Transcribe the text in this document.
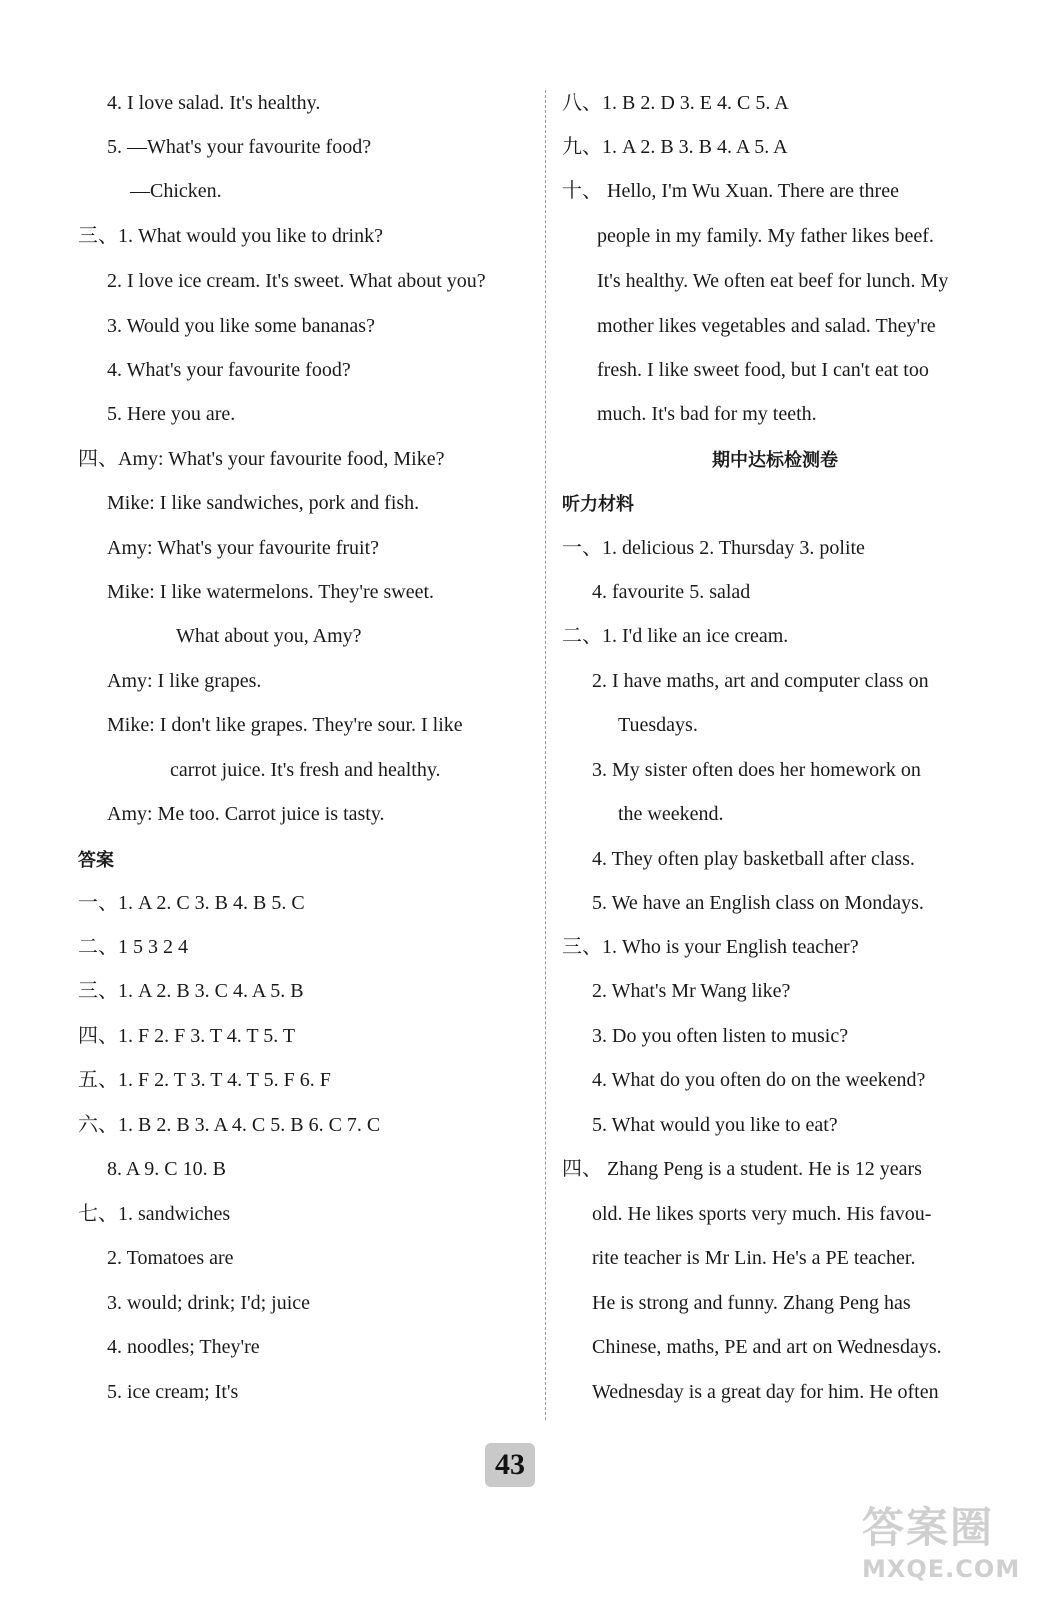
4. I love salad. It's healthy.
5. —What's your favourite food?
—Chicken.
三、1. What would you like to drink?
2. I love ice cream. It's sweet. What about you?
3. Would you like some bananas?
4. What's your favourite food?
5. Here you are.
四、Amy: What's your favourite food, Mike?
Mike: I like sandwiches, pork and fish.
Amy: What's your favourite fruit?
Mike: I like watermelons. They're sweet.
What about you, Amy?
Amy: I like grapes.
Mike: I don't like grapes. They're sour. I like
carrot juice. It's fresh and healthy.
Amy: Me too. Carrot juice is tasty.
答案
一、1. A 2. C 3. B 4. B 5. C
二、1 5 3 2 4
三、1. A 2. B 3. C 4. A 5. B
四、1. F 2. F 3. T 4. T 5. T
五、1. F 2. T 3. T 4. T 5. F 6. F
六、1. B 2. B 3. A 4. C 5. B 6. C 7. C
8. A 9. C 10. B
七、1. sandwiches
2. Tomatoes are
3. would; drink; I'd; juice
4. noodles; They're
5. ice cream; It's
八、1. B 2. D 3. E 4. C 5. A
九、1. A 2. B 3. B 4. A 5. A
十、 Hello, I'm Wu Xuan. There are three
people in my family. My father likes beef.
It's healthy. We often eat beef for lunch. My
mother likes vegetables and salad. They're
fresh. I like sweet food, but I can't eat too
much. It's bad for my teeth.
期中达标检测卷
听力材料
一、1. delicious 2. Thursday 3. polite
4. favourite 5. salad
二、1. I'd like an ice cream.
2. I have maths, art and computer class on
Tuesdays.
3. My sister often does her homework on
the weekend.
4. They often play basketball after class.
5. We have an English class on Mondays.
三、1. Who is your English teacher?
2. What's Mr Wang like?
3. Do you often listen to music?
4. What do you often do on the weekend?
5. What would you like to eat?
四、 Zhang Peng is a student. He is 12 years
old. He likes sports very much. His favou-
rite teacher is Mr Lin. He's a PE teacher.
He is strong and funny. Zhang Peng has
Chinese, maths, PE and art on Wednesdays.
Wednesday is a great day for him. He often
43
答案圈
MXQE.COM
